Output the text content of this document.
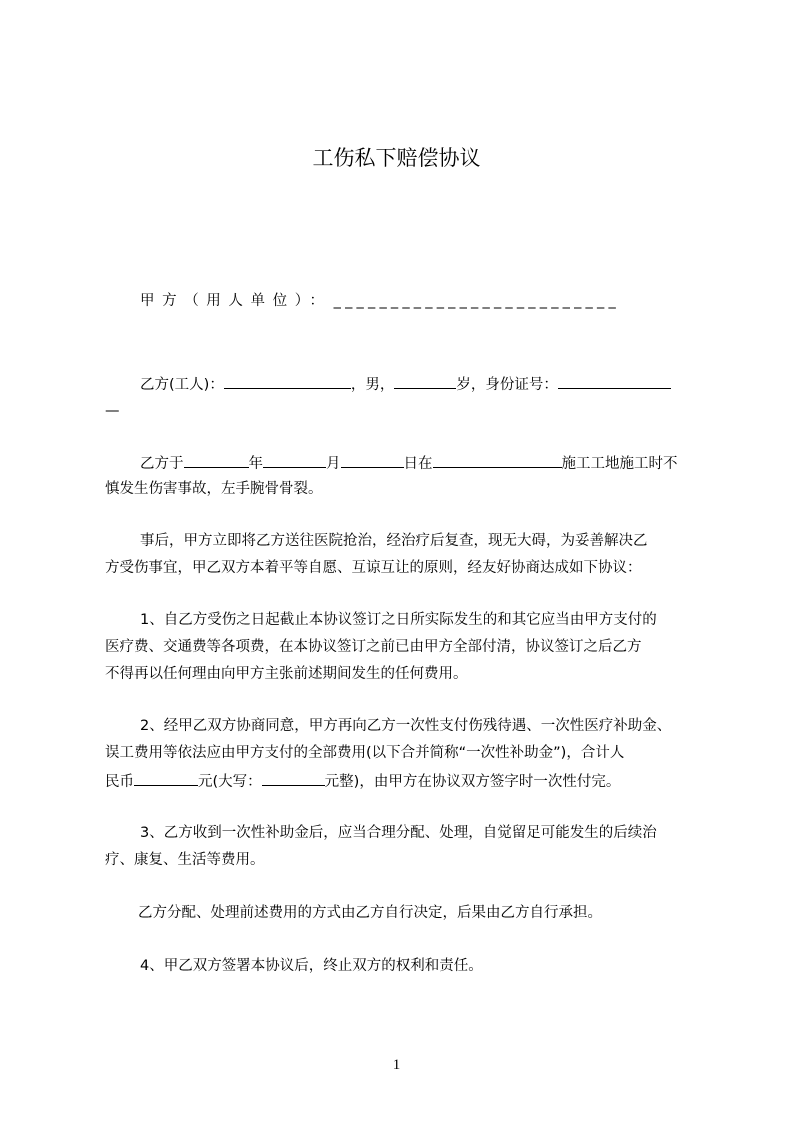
工伤私下赔偿协议
甲方（用人单位）： _________________________
乙方(工人)：	，男，	岁，身份证号：
—
乙方于	年	月	日在	施工工地施工时不
慎发生伤害事故，左手腕骨骨裂。
事后，甲方立即将乙方送往医院抢治，经治疗后复查，现无大碍，为妥善解决乙
方受伤事宜，甲乙双方本着平等自愿、互谅互让的原则，经友好协商达成如下协议：
1、自乙方受伤之日起截止本协议签订之日所实际发生的和其它应当由甲方支付的
医疗费、交通费等各项费，在本协议签订之前已由甲方全部付清，协议签订之后乙方
不得再以任何理由向甲方主张前述期间发生的任何费用。
2、经甲乙双方协商同意，甲方再向乙方一次性支付伤残待遇、一次性医疗补助金、
误工费用等依法应由甲方支付的全部费用(以下合并简称“一次性补助金”)，合计人
民币	元(大写：	元整)，由甲方在协议双方签字时一次性付完。
3、乙方收到一次性补助金后，应当合理分配、处理，自觉留足可能发生的后续治
疗、康复、生活等费用。
乙方分配、处理前述费用的方式由乙方自行决定，后果由乙方自行承担。
4、甲乙双方签署本协议后，终止双方的权利和责任。
1
